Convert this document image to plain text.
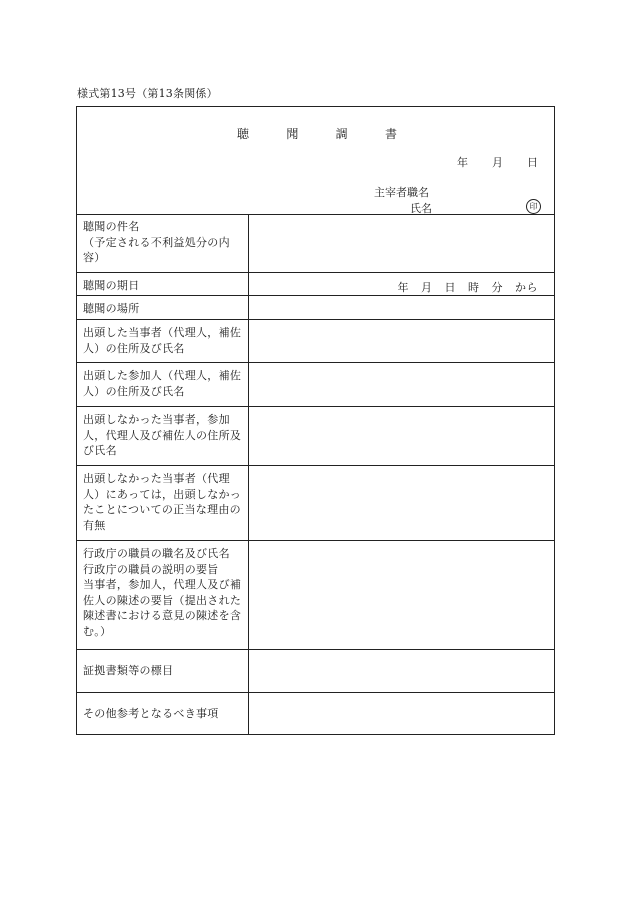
様式第13号（第13条関係）
聴	聞	調	書
年 月 日
主宰者職名
氏名	印
聴聞の件名
（予定される不利益処分の内容）
聴聞の期日	年 月 日 時 分 から
聴聞の場所
出頭した当事者（代理人，補佐人）の住所及び氏名
出頭した参加人（代理人，補佐人）の住所及び氏名
出頭しなかった当事者，参加人，代理人及び補佐人の住所及び氏名
出頭しなかった当事者（代理人）にあっては，出頭しなかったことについての正当な理由の有無
行政庁の職員の職名及び氏名
行政庁の職員の説明の要旨
当事者，参加人，代理人及び補佐人の陳述の要旨（提出された陳述書における意見の陳述を含む。）
証拠書類等の標目
その他参考となるべき事項
